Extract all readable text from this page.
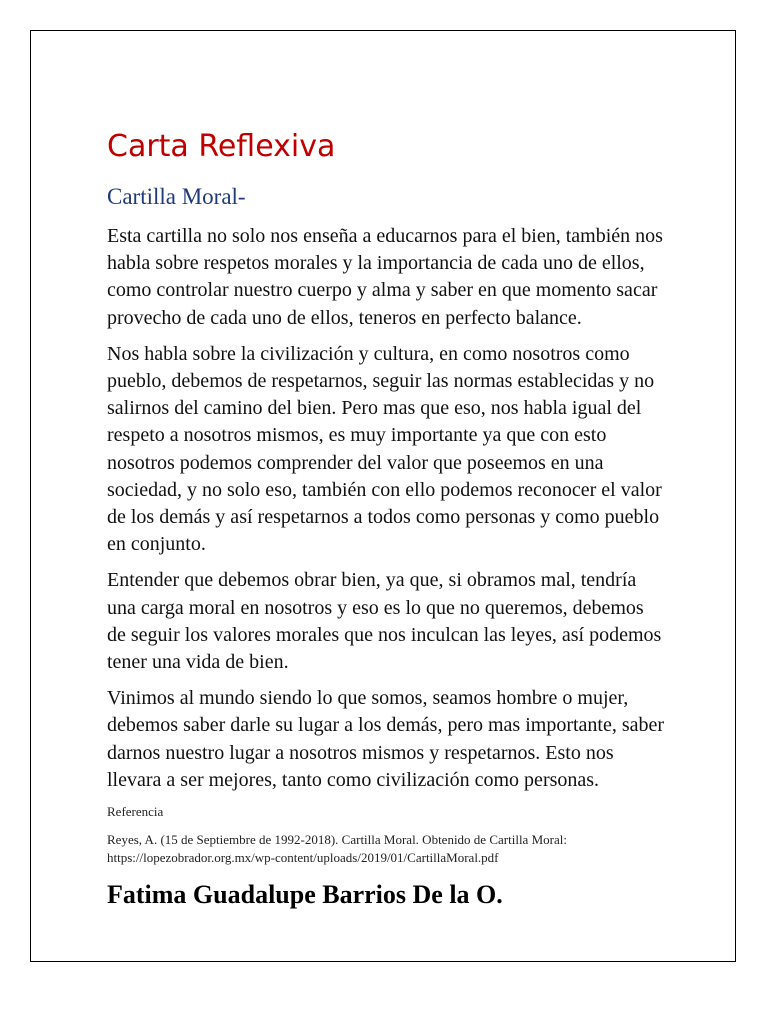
Carta Reflexiva
Cartilla Moral-

Esta cartilla no solo nos enseña a educarnos para el bien, también nos habla sobre respetos morales y la importancia de cada uno de ellos, como controlar nuestro cuerpo y alma y saber en que momento sacar provecho de cada uno de ellos, teneros en perfecto balance.

Nos habla sobre la civilización y cultura, en como nosotros como pueblo, debemos de respetarnos, seguir las normas establecidas y no salirnos del camino del bien. Pero mas que eso, nos habla igual del respeto a nosotros mismos, es muy importante ya que con esto nosotros podemos comprender del valor que poseemos en una sociedad, y no solo eso, también con ello podemos reconocer el valor de los demás y así respetarnos a todos como personas y como pueblo en conjunto.

Entender que debemos obrar bien, ya que, si obramos mal, tendría una carga moral en nosotros y eso es lo que no queremos, debemos de seguir los valores morales que nos inculcan las leyes, así podemos tener una vida de bien.

Vinimos al mundo siendo lo que somos, seamos hombre o mujer, debemos saber darle su lugar a los demás, pero mas importante, saber darnos nuestro lugar a nosotros mismos y respetarnos. Esto nos llevara a ser mejores, tanto como civilización como personas.

Referencia

Reyes, A. (15 de Septiembre de 1992-2018). Cartilla Moral. Obtenido de Cartilla Moral: https://lopezobrador.org.mx/wp-content/uploads/2019/01/CartillaMoral.pdf

Fatima Guadalupe Barrios De la O.
